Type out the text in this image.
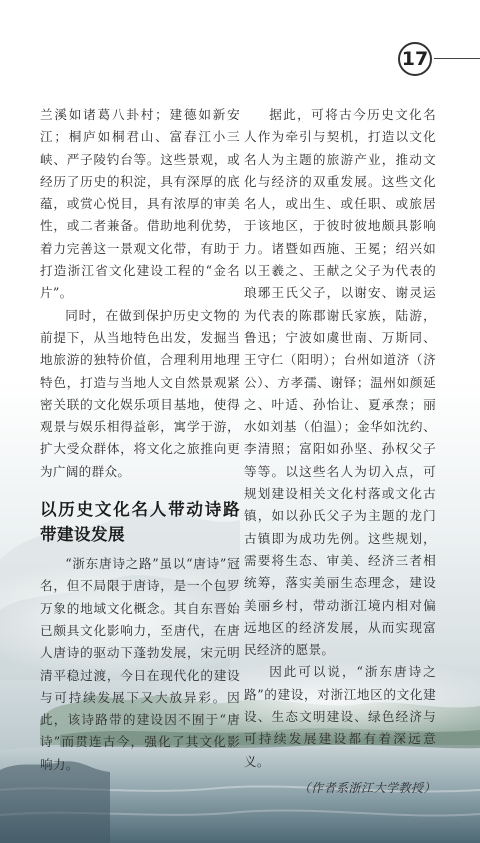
17

兰溪如诸葛八卦村；建德如新安江；桐庐如桐君山、富春江小三峡、严子陵钓台等。这些景观，或经历了历史的积淀，具有深厚的底蕴，或赏心悦目，具有浓厚的审美性，或二者兼备。借助地利优势，着力完善这一景观文化带，有助于打造浙江省文化建设工程的“金名片”。

同时，在做到保护历史文物的前提下，从当地特色出发，发掘当地旅游的独特价值，合理利用地理特色，打造与当地人文自然景观紧密关联的文化娱乐项目基地，使得观景与娱乐相得益彰，寓学于游，扩大受众群体，将文化之旅推向更为广阔的群众。

以历史文化名人带动诗路带建设发展

“浙东唐诗之路”虽以“唐诗”冠名，但不局限于唐诗，是一个包罗万象的地域文化概念。其自东晋始已颇具文化影响力，至唐代，在唐人唐诗的驱动下蓬勃发展，宋元明清平稳过渡，今日在现代化的建设与可持续发展下又大放异彩。因此，该诗路带的建设因不囿于“唐诗”而贯连古今，强化了其文化影响力。

据此，可将古今历史文化名人作为牵引与契机，打造以文化名人为主题的旅游产业，推动文化与经济的双重发展。这些文化名人，或出生、或任职、或旅居于该地区，于彼时彼地颇具影响力。诸暨如西施、王冕；绍兴如以王羲之、王献之父子为代表的琅琊王氏父子，以谢安、谢灵运为代表的陈郡谢氏家族，陆游，鲁迅；宁波如虞世南、万斯同、王守仁（阳明）；台州如道济（济公）、方孝孺、谢铎；温州如颜延之、叶适、孙怡让、夏承焘；丽水如刘基（伯温）；金华如沈约、李清照；富阳如孙坚、孙权父子等等。以这些名人为切入点，可规划建设相关文化村落或文化古镇，如以孙氏父子为主题的龙门古镇即为成功先例。这些规划，需要将生态、审美、经济三者相统筹，落实美丽生态理念，建设美丽乡村，带动浙江境内相对偏远地区的经济发展，从而实现富民经济的愿景。

因此可以说，“浙东唐诗之路”的建设，对浙江地区的文化建设、生态文明建设、绿色经济与可持续发展建设都有着深远意义。

（作者系浙江大学教授）
